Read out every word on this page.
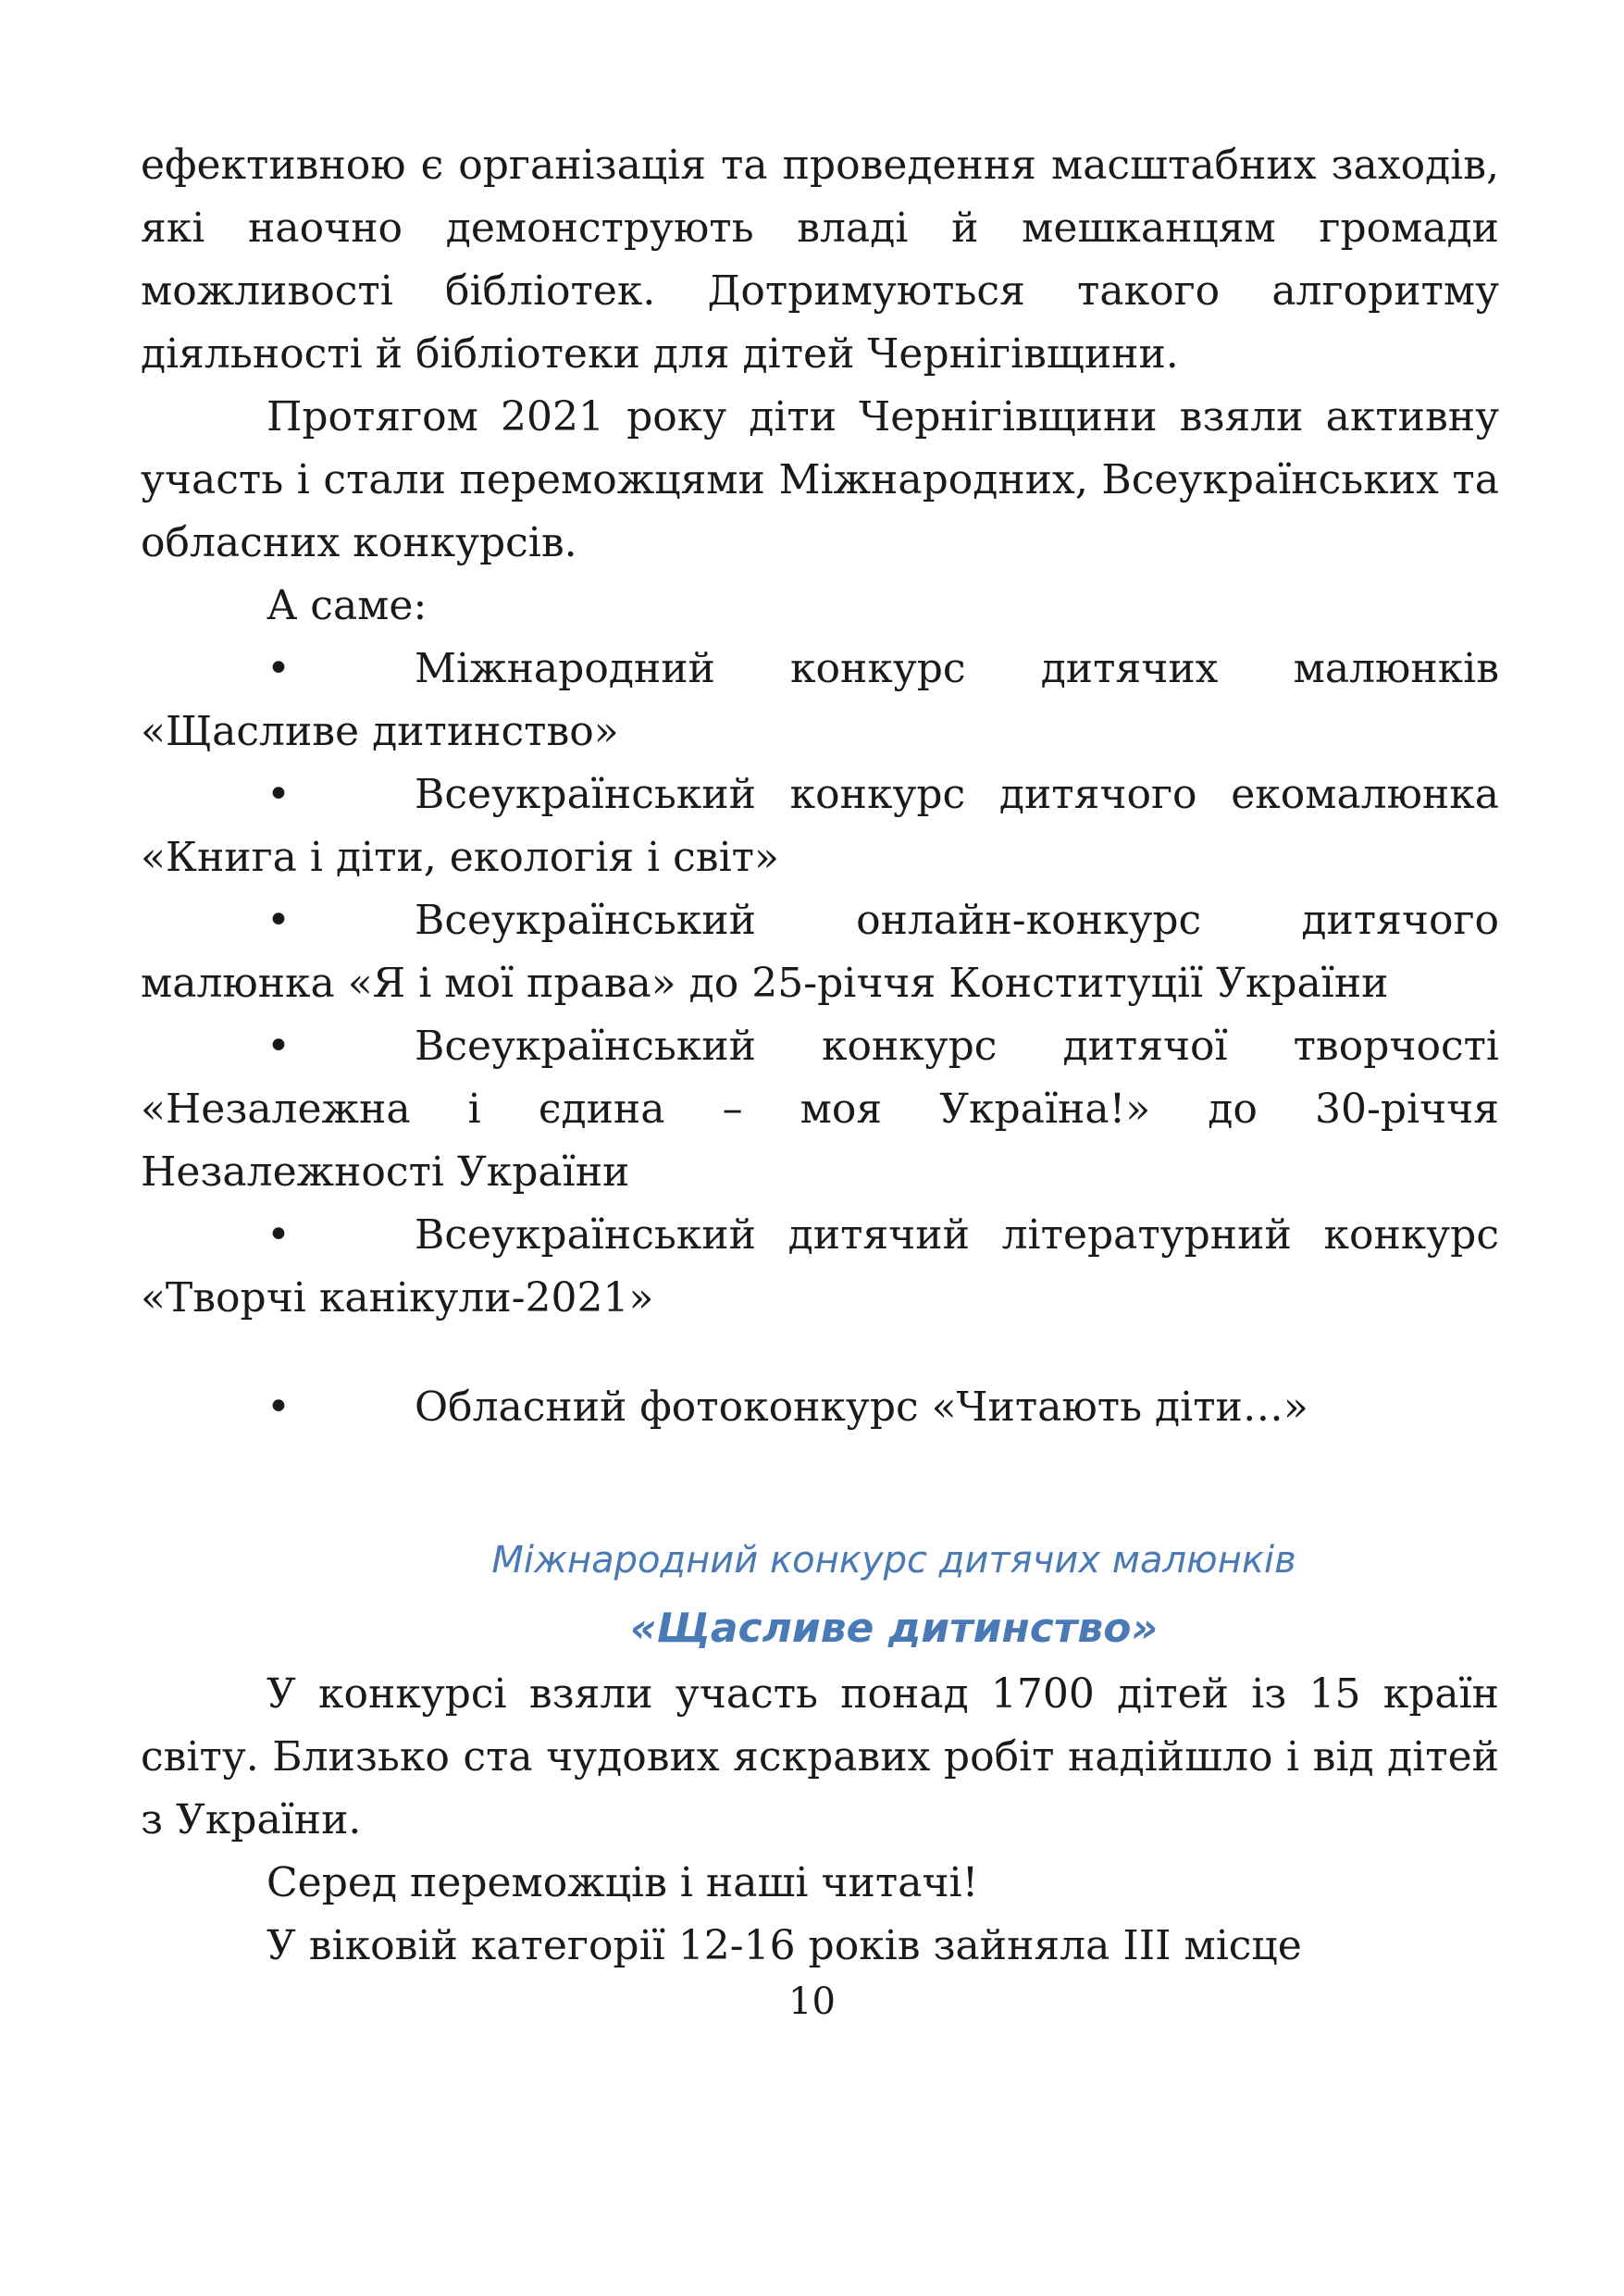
ефективною є організація та проведення масштабних заходів, які наочно демонструють владі й мешканцям громади можливості бібліотек. Дотримуються такого алгоритму діяльності й бібліотеки для дітей Чернігівщини.

Протягом 2021 року діти Чернігівщини взяли активну участь і стали переможцями Міжнародних, Всеукраїнських та обласних конкурсів.

А саме:

•	Міжнародний конкурс дитячих малюнків «Щасливе дитинство»
•	Всеукраїнський конкурс дитячого екомалюнка «Книга і діти, екологія і світ»
•	Всеукраїнський онлайн-конкурс дитячого малюнка «Я і мої права» до 25-річчя Конституції України
•	Всеукраїнський конкурс дитячої творчості «Незалежна і єдина – моя Україна!» до 30-річчя Незалежності України
•	Всеукраїнський дитячий літературний конкурс «Творчі канікули-2021»
•	Обласний фотоконкурс «Читають діти…»
Міжнародний конкурс дитячих малюнків
«Щасливе дитинство»

У конкурсі взяли участь понад 1700 дітей із 15 країн світу. Близько ста чудових яскравих робіт надійшло і від дітей з України.

Серед переможців і наші читачі!

У віковій категорії 12-16 років зайняла ІІІ місце

10
